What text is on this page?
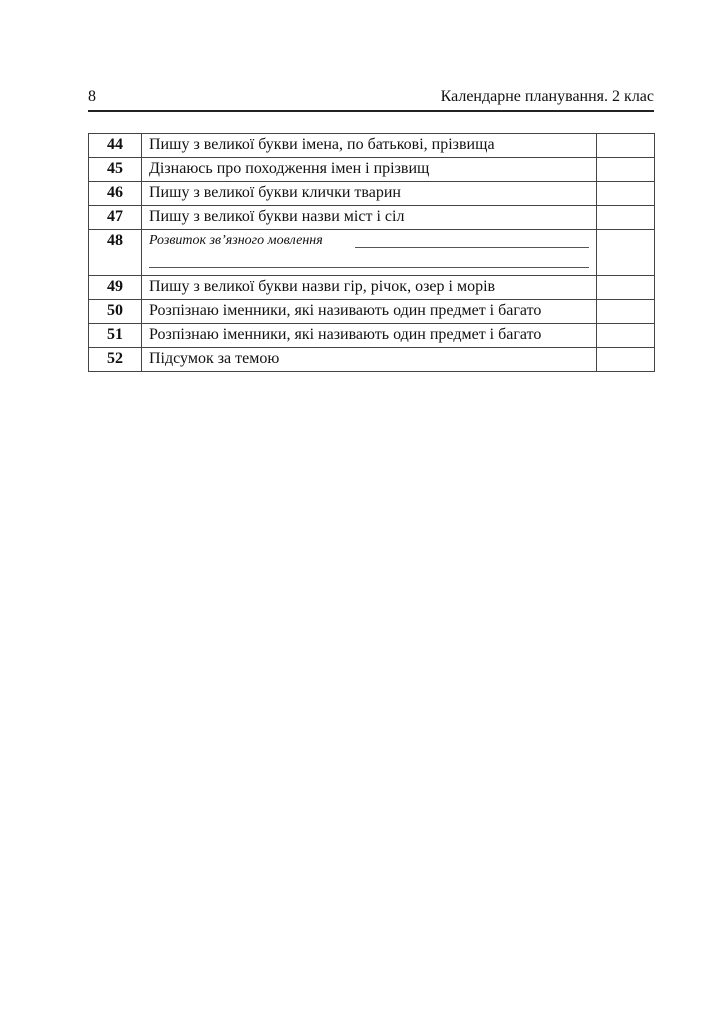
8	Календарне планування. 2 клас
44	Пишу з великої букви імена, по батькові, прізвища	
45	Дізнаюсь про походження імен і прізвищ	
46	Пишу з великої букви клички тварин	
47	Пишу з великої букви назви міст і сіл	
48	Розвиток зв’язного мовлення	

49	Пишу з великої букви назви гір, річок, озер і морів	
50	Розпізнаю іменники, які називають один предмет і багато	
51	Розпізнаю іменники, які називають один предмет і багато	
52	Підсумок за темою	
